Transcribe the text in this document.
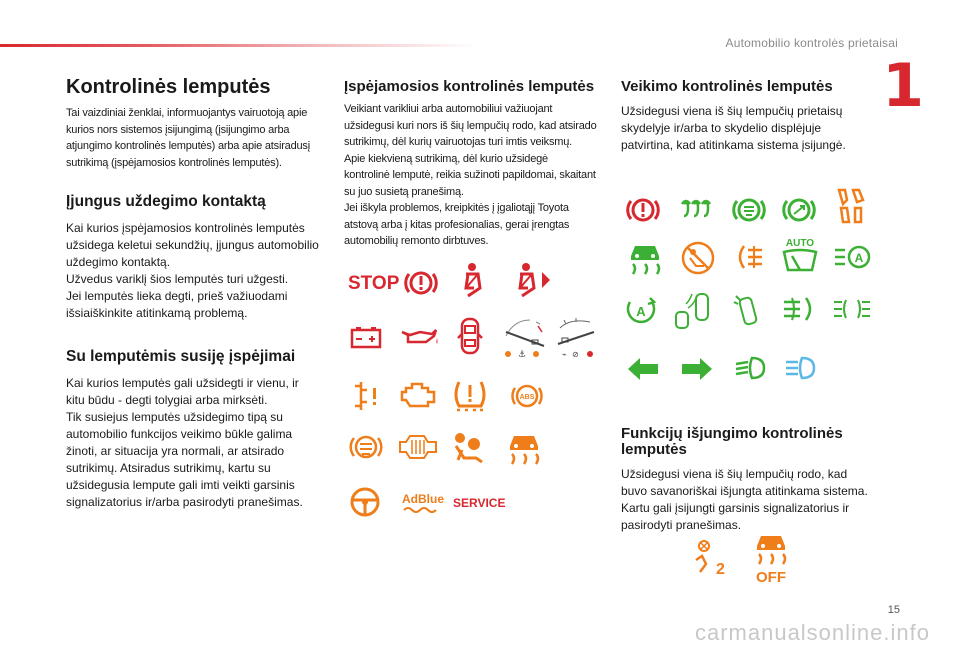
Automobilio kontrolės prietaisai
1
Kontrolinės lemputės

Tai vaizdiniai ženklai, informuojantys vairuotoją apie
kurios nors sistemos įsijungimą (įsijungimo arba
atjungimo kontrolinės lemputės) arba apie atsiradusį
sutrikimą (įspėjamosios kontrolinės lemputės).

Įjungus uždegimo kontaktą

Kai kurios įspėjamosios kontrolinės lemputės
užsidega keletui sekundžių, įjungus automobilio
uždegimo kontaktą.
Užvedus variklį šios lemputės turi užgesti.
Jei lemputės lieka degti, prieš važiuodami
išsiaiškinkite atitinkamą problemą.

Su lemputėmis susiję įspėjimai

Kai kurios lemputės gali užsidegti ir vienu, ir
kitu būdu - degti tolygiai arba mirksėti.
Tik susiejus lemputės užsidegimo tipą su
automobilio funkcijos veikimo būkle galima
žinoti, ar situacija yra normali, ar atsirado
sutrikimų. Atsiradus sutrikimų, kartu su
užsidegusia lempute gali imti veikti garsinis
signalizatorius ir/arba pasirodyti pranešimas.

Įspėjamosios kontrolinės lemputės

Veikiant varikliui arba automobiliui važiuojant
užsidegusi kuri nors iš šių lempučių rodo, kad atsirado
sutrikimų, dėl kurių vairuotojas turi imtis veiksmų.
Apie kiekvieną sutrikimą, dėl kurio užsidegė
kontrolinė lemputė, reikia sužinoti papildomai, skaitant
su juo susietą pranešimą.
Jei iškyla problemos, kreipkitės į įgaliotąjį Toyota
atstovą arba į kitas profesionalias, gerai įrengtas
automobilių remonto dirbtuves.

STOP
⚓	⌁ ⊘
ABS
AdBlue SERVICE
Veikimo kontrolinės lemputės

Užsidegusi viena iš šių lempučių prietaisų
skydelyje ir/arba to skydelio displėjuje
patvirtina, kad atitinkama sistema įsijungė.

AUTO
A
A
Funkcijų išjungimo kontrolinės
lemputės

Užsidegusi viena iš šių lempučių rodo, kad
buvo savanoriškai išjungta atitinkama sistema.
Kartu gali įsijungti garsinis signalizatorius ir
pasirodyti pranešimas.

2 OFF
15
carmanualsonline.info
